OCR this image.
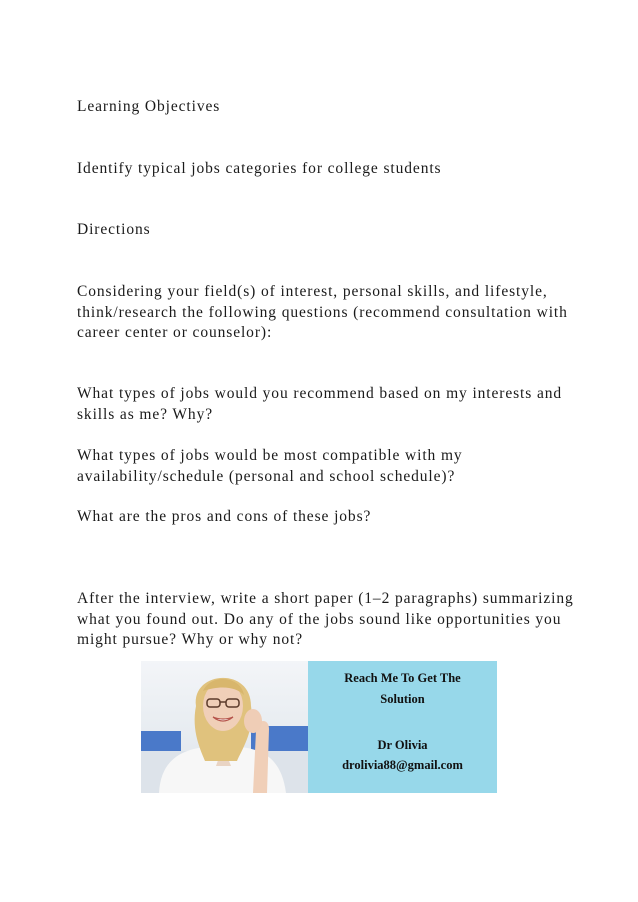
Learning Objectives
Identify typical jobs categories for college students
Directions
Considering your field(s) of interest, personal skills, and lifestyle, think/research the following questions (recommend consultation with career center or counselor):
What types of jobs would you recommend based on my interests and skills as me? Why?
What types of jobs would be most compatible with my availability/schedule (personal and school schedule)?
What are the pros and cons of these jobs?
After the interview, write a short paper (1–2 paragraphs) summarizing what you found out. Do any of the jobs sound like opportunities you might pursue? Why or why not?
Reach Me To Get The
Solution
Dr Olivia
drolivia88@gmail.com
